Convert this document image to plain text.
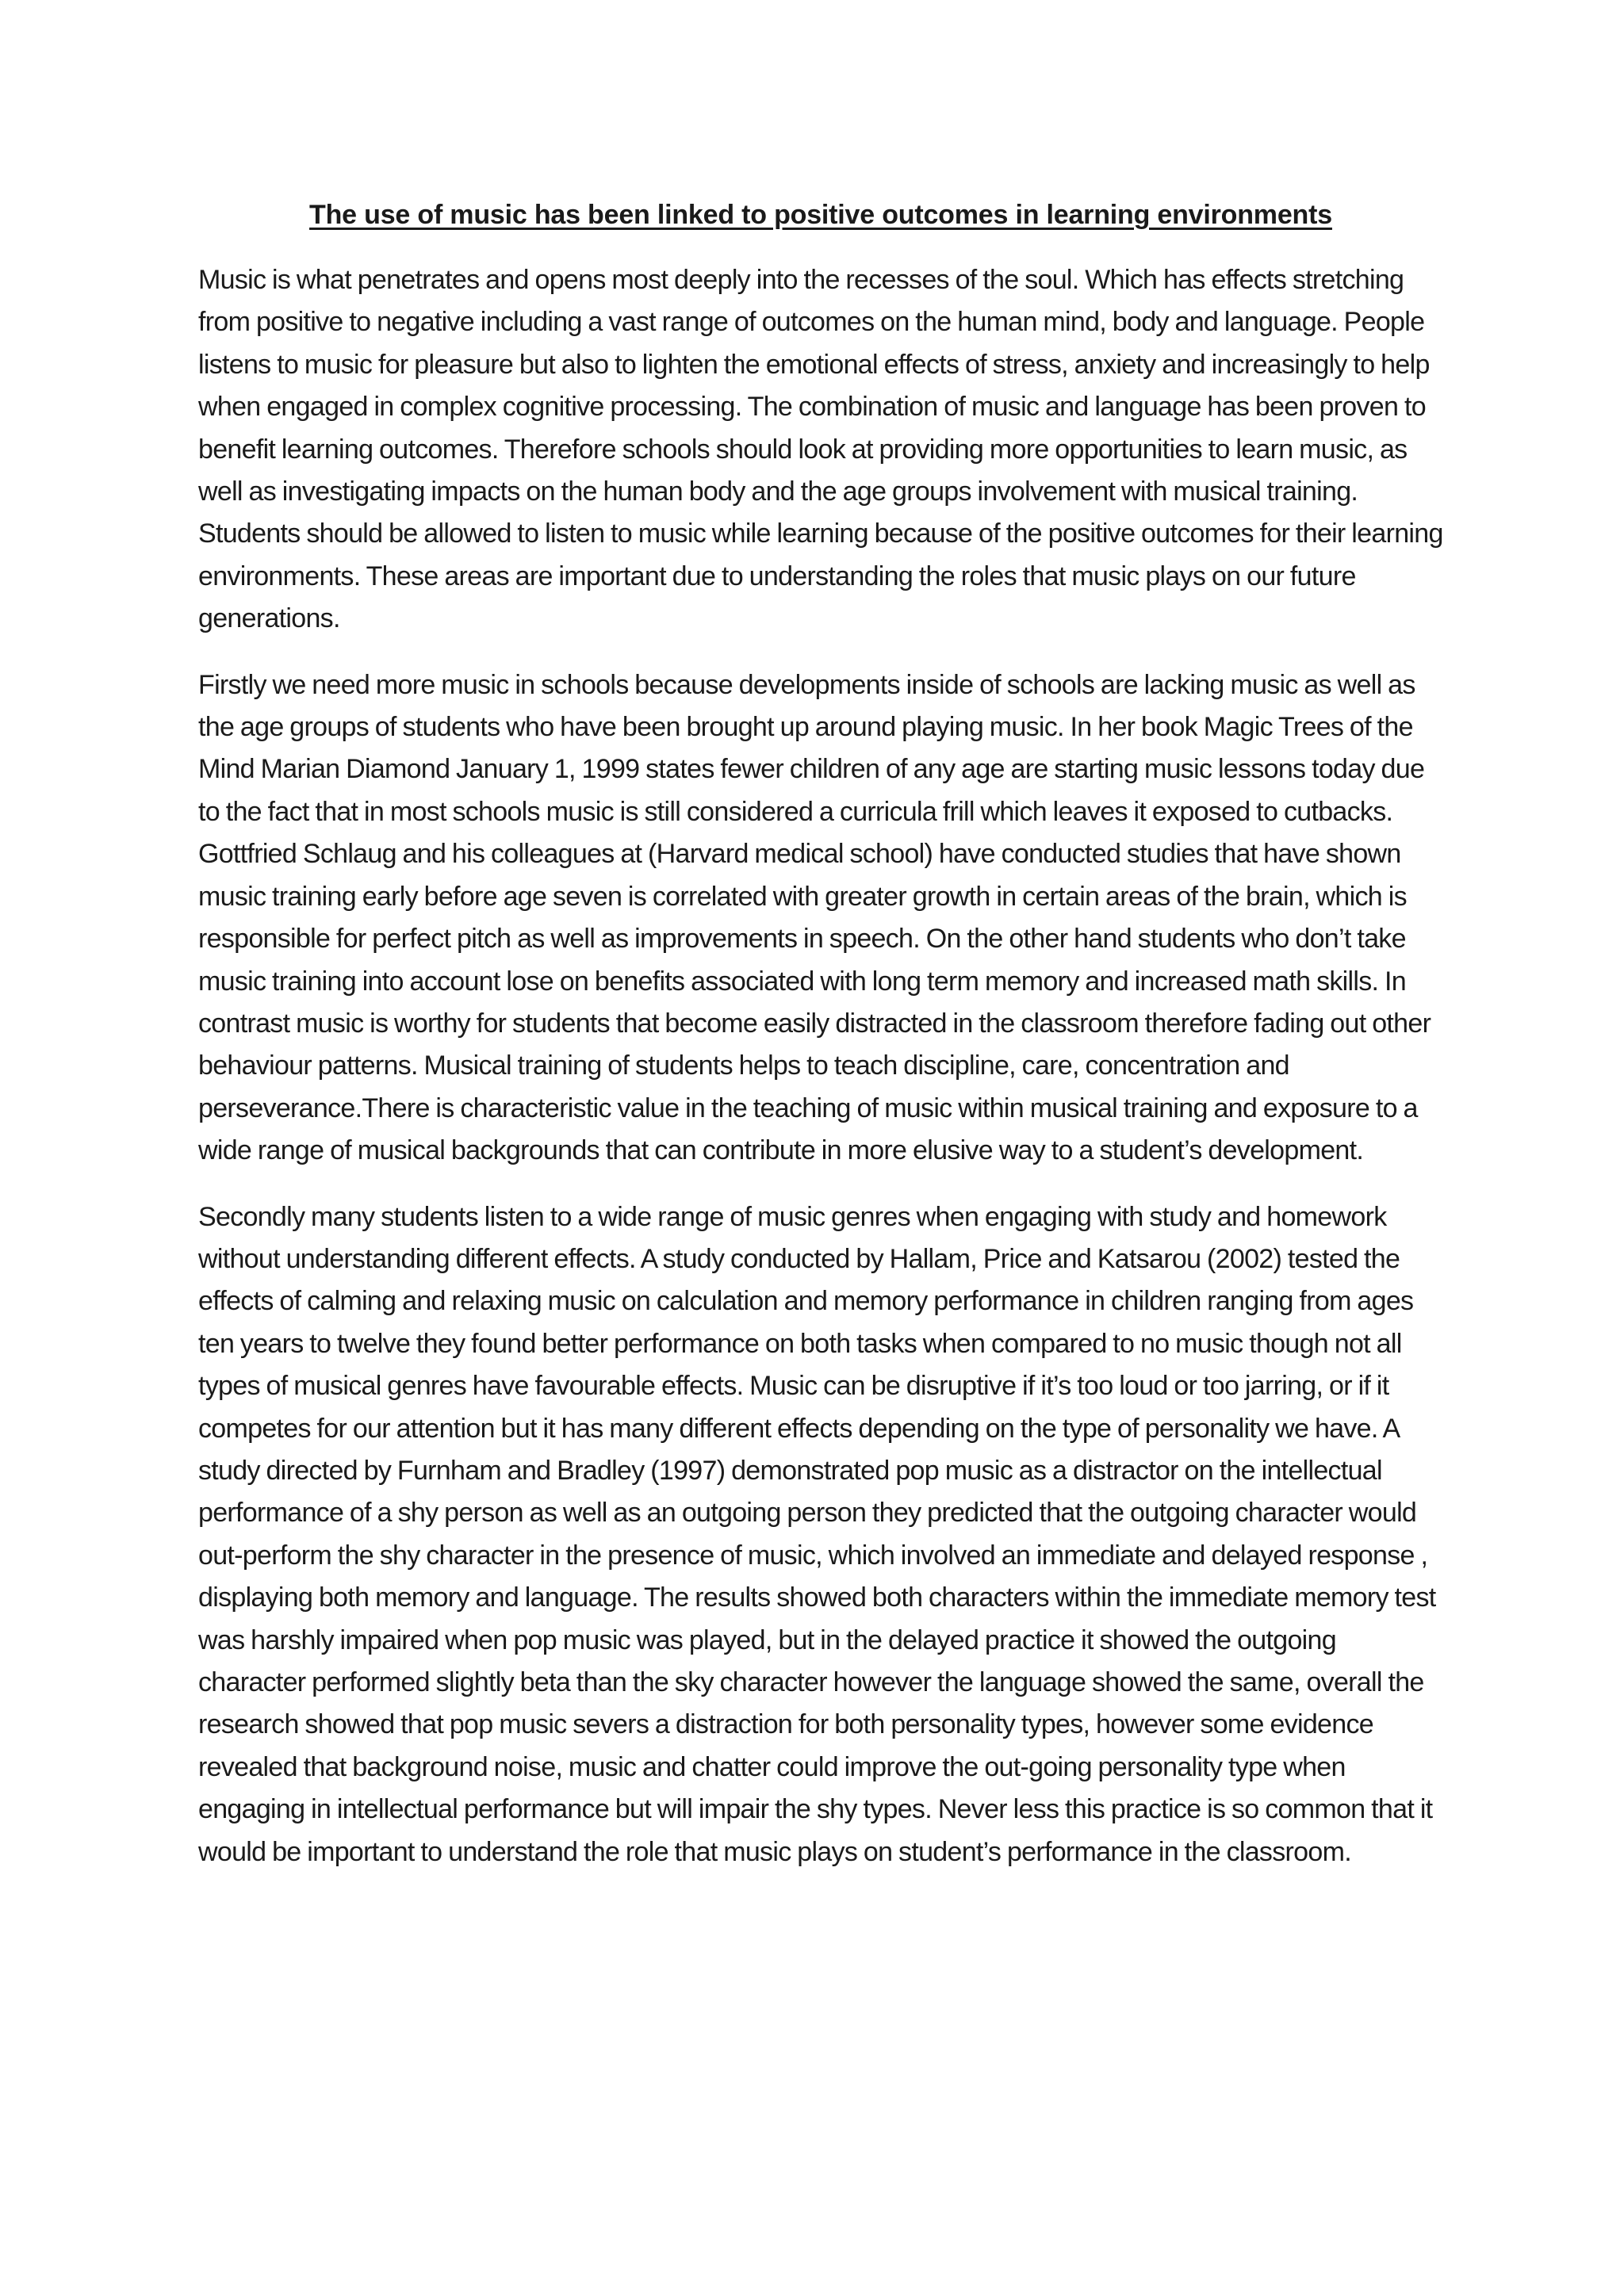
The use of music has been linked to positive outcomes in learning environments

Music is what penetrates and opens most deeply into the recesses of the soul. Which has effects stretching from positive to negative including a vast range of outcomes on the human mind, body and language. People listens to music for pleasure but also to lighten the emotional effects of stress, anxiety and increasingly to help when engaged in complex cognitive processing. The combination of music and language has been proven to benefit learning outcomes. Therefore schools should look at providing more opportunities to learn music, as well as investigating impacts on the human body and the age groups involvement with musical training. Students should be allowed to listen to music while learning because of the positive outcomes for their learning environments. These areas are important due to understanding the roles that music plays on our future generations.

Firstly we need more music in schools because developments inside of schools are lacking music as well as the age groups of students who have been brought up around playing music. In her book Magic Trees of the Mind Marian Diamond January 1, 1999 states fewer children of any age are starting music lessons today due to the fact that in most schools music is still considered a curricula frill which leaves it exposed to cutbacks. Gottfried Schlaug and his colleagues at (Harvard medical school) have conducted studies that have shown music training early before age seven is correlated with greater growth in certain areas of the brain, which is responsible for perfect pitch as well as improvements in speech. On the other hand students who don’t take music training into account lose on benefits associated with long term memory and increased math skills. In contrast music is worthy for students that become easily distracted in the classroom therefore fading out other behaviour patterns. Musical training of students helps to teach discipline, care, concentration and perseverance.There is characteristic value in the teaching of music within musical training and exposure to a wide range of musical backgrounds that can contribute in more elusive way to a student’s development.

Secondly many students listen to a wide range of music genres when engaging with study and homework without understanding different effects. A study conducted by Hallam, Price and Katsarou (2002) tested the effects of calming and relaxing music on calculation and memory performance in children ranging from ages ten years to twelve they found better performance on both tasks when compared to no music though not all types of musical genres have favourable effects. Music can be disruptive if it’s too loud or too jarring, or if it competes for our attention but it has many different effects depending on the type of personality we have. A study directed by Furnham and Bradley (1997) demonstrated pop music as a distractor on the intellectual performance of a shy person as well as an outgoing person they predicted that the outgoing character would out-perform the shy character in the presence of music, which involved an immediate and delayed response , displaying both memory and language. The results showed both characters within the immediate memory test was harshly impaired when pop music was played, but in the delayed practice it showed the outgoing character performed slightly beta than the sky character however the language showed the same, overall the research showed that pop music severs a distraction for both personality types, however some evidence revealed that background noise, music and chatter could improve the out-going personality type when engaging in intellectual performance but will impair the shy types. Never less this practice is so common that it would be important to understand the role that music plays on student’s performance in the classroom.
